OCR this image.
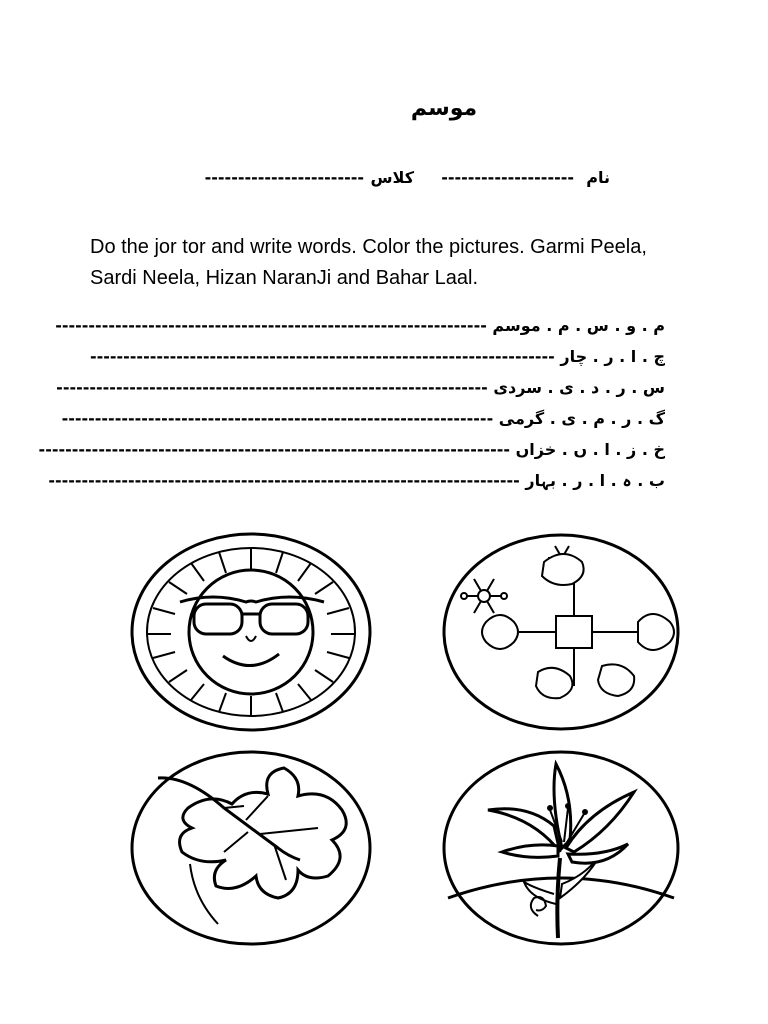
موسم
نام
--------------------
کلاس
------------------------
Do the jor tor and write words. Color the pictures. Garmi Peela, Sardi Neela, Hizan NaranJi and Bahar Laal.
م . و . س . م . موسم -----------------------------------------------------------------
چ . ا . ر . چار ----------------------------------------------------------------------
س . ر . د . ی . سردی -----------------------------------------------------------------
گ . ر . م . ی . گرمی -----------------------------------------------------------------
خ . ز . ا . ں . خزاں -----------------------------------------------------------------------
ب . ہ . ا . ر . بہار -----------------------------------------------------------------------
